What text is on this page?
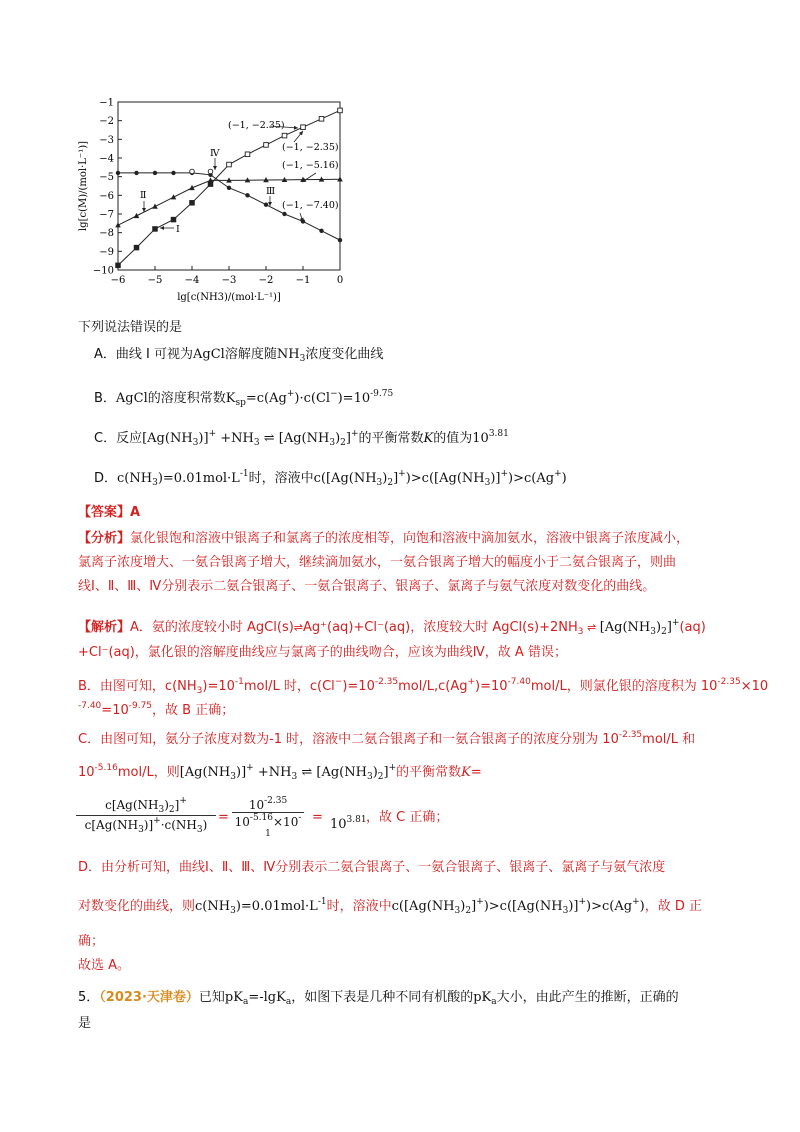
−6 −5 −4 −3 −2 −1	0
−1
−2
−3
−4
−5
−6
−7
−8
−9
−10
lg[c(NH3)/(mol·L⁻¹)]
lg[c(M)/(mol·L⁻¹)]
(−1, −2.35)
(−1, −2.35)
(−1, −5.16)
(−1, −7.40)
Ⅰ
Ⅱ	Ⅲ
Ⅳ
下列说法错误的是
A．曲线 Ⅰ 可视为AgCl溶解度随$NH_3$浓度变化曲线
B．AgCl的溶度积常数$K_{sp}=c(Ag^+)\cdot c(Cl^-)=10^{-9.75}$
C．反应$[Ag(NH_3)]^+ +NH_3$ ⇌ $[Ag(NH_3)_2]^+$的平衡常数K的值为$10^{3.81}$
D．$c(NH_3)=0.01mol\cdot L^{-1}$时，溶液中$c([Ag(NH_3)_2]^+)>c([Ag(NH_3)]^+)>c(Ag^+)$
【答案】A
【分析】氯化银饱和溶液中银离子和氯离子的浓度相等，向饱和溶液中滴加氨水，溶液中银离子浓度减小，
氯离子浓度增大、一氨合银离子增大，继续滴加氨水，一氨合银离子增大的幅度小于二氨合银离子，则曲
线Ⅰ、Ⅱ、Ⅲ、Ⅳ分别表示二氨合银离子、一氨合银离子、银离子、氯离子与氨气浓度对数变化的曲线。
【解析】A．氨的浓度较小时 AgCl(s)⇌Ag⁺(aq)+Cl⁻(aq)，浓度较大时 $AgCl(s)+2NH_3$ ⇌ $[Ag(NH_3)_2]^+(aq)$
+Cl⁻(aq)，氯化银的溶解度曲线应与氯离子的曲线吻合，应该为曲线Ⅳ，故 A 错误；
B．由图可知，$c(NH_3)=10^{-1}mol/L$ 时，$c(Cl^-)=10^{-2.35}mol/L,c(Ag^+)=10^{-7.40}mol/L$，则氯化银的溶度积为 $10^{-2.35}\times 10$
$^{-7.40}=10^{-9.75}$，故 B 正确；
C．由图可知，氨分子浓度对数为-1 时，溶液中二氨合银离子和一氨合银离子的浓度分别为 $10^{-2.35}mol/L$ 和
$10^{-5.16}mol/L$，则$[Ag(NH_3)]^+ +NH_3$ ⇌ $[Ag(NH_3)_2]^+$的平衡常数K=
$\frac{c[Ag(NH_3)_2]^+}{c[Ag(NH_3)]^+\cdot c(NH_3)} = \frac{10^{-2.35}}{10^{-5.16}\times 10^{-1}} = 10^{3.81}$ ，故 C 正确；
D．由分析可知，曲线Ⅰ、Ⅱ、Ⅲ、Ⅳ分别表示二氨合银离子、一氨合银离子、银离子、氯离子与氨气浓度
对数变化的曲线，则$c(NH_3)=0.01mol\cdot L^{-1}$时，溶液中$c([Ag(NH_3)_2]^+)>c([Ag(NH_3)]^+)>c(Ag^+)$，故 D 正
确；
故选 A。
5．（2023·天津卷）已知$pK_a=-\lg K_a$，如图下表是几种不同有机酸的$pK_a$大小，由此产生的推断，正确的
是
